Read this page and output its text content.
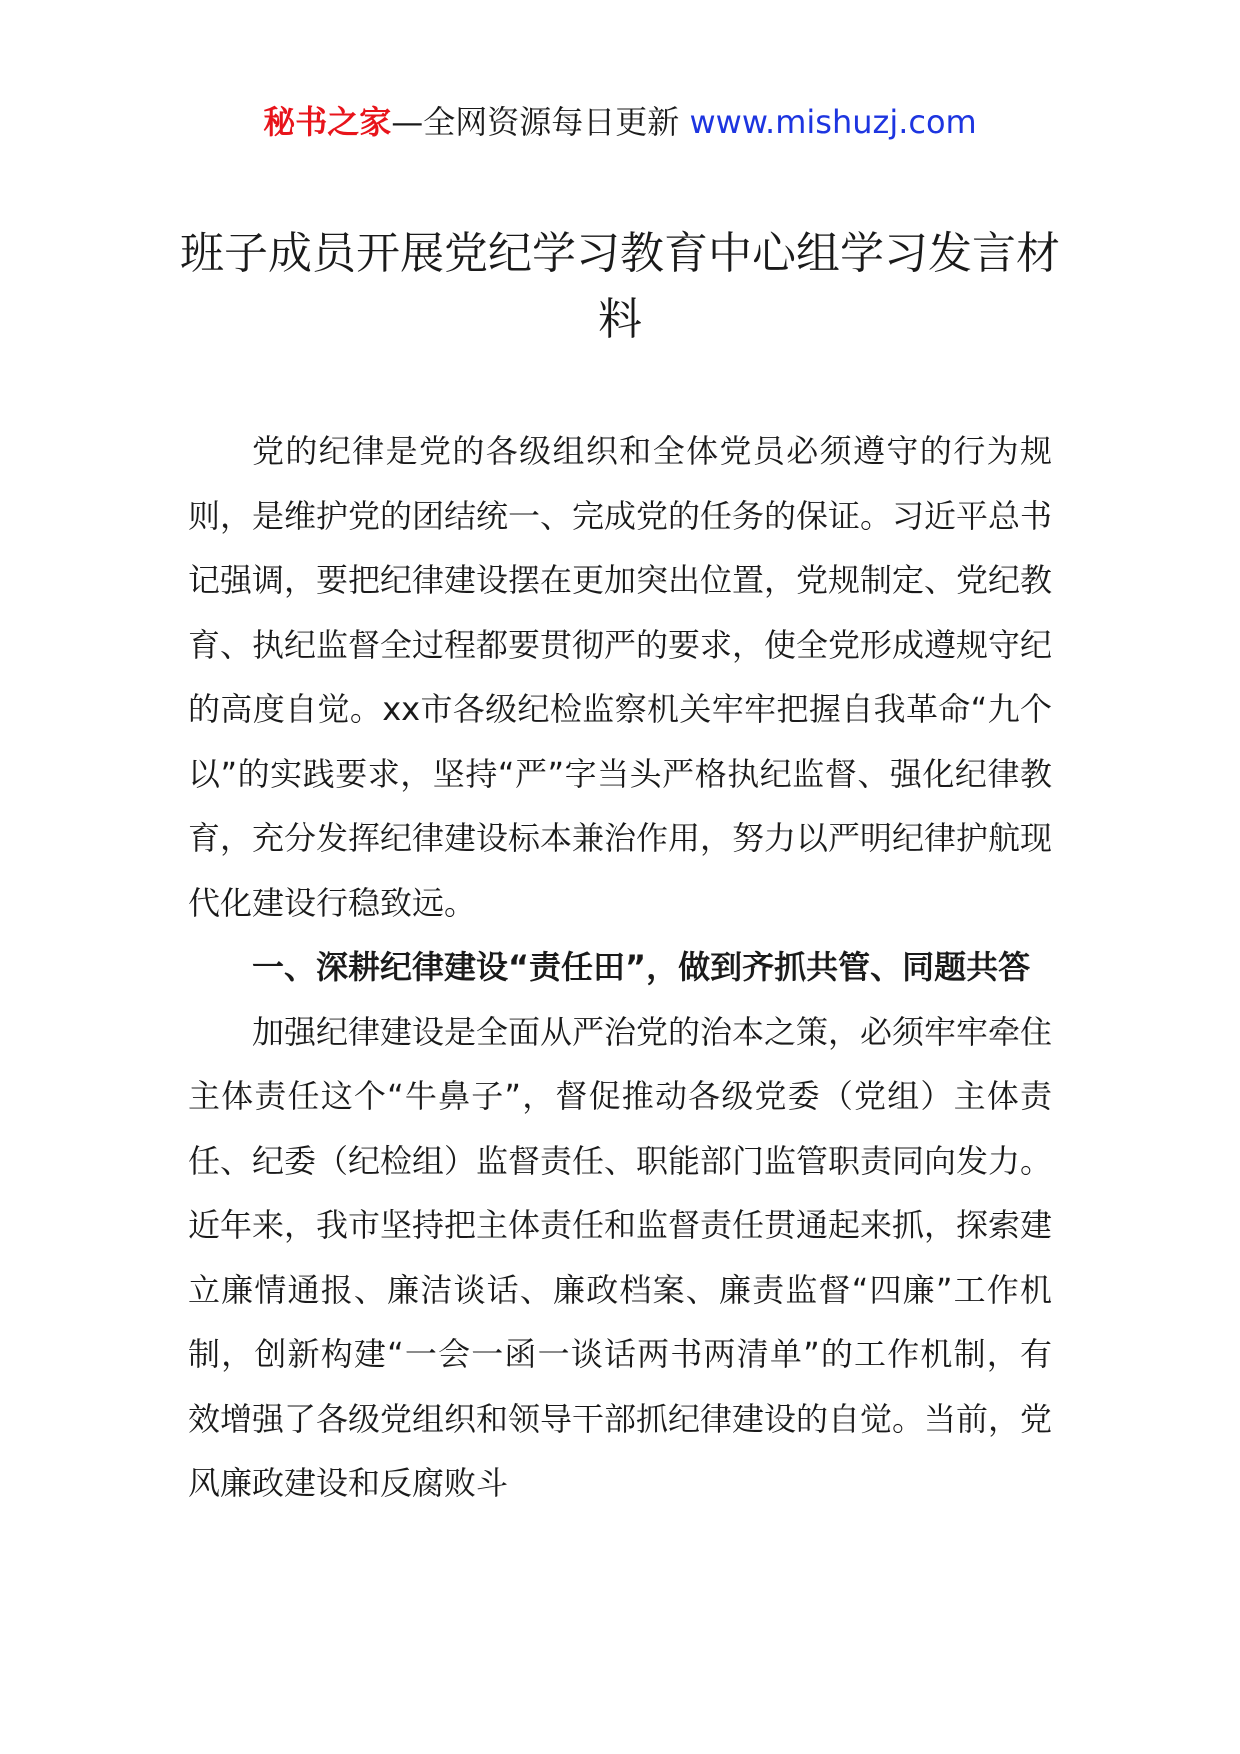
秘书之家—全网资源每日更新 www.mishuzj.com
班子成员开展党纪学习教育中心组学习发言材料

党的纪律是党的各级组织和全体党员必须遵守的行为规则，是维护党的团结统一、完成党的任务的保证。习近平总书记强调，要把纪律建设摆在更加突出位置，党规制定、党纪教育、执纪监督全过程都要贯彻严的要求，使全党形成遵规守纪的高度自觉。xx市各级纪检监察机关牢牢把握自我革命“九个以”的实践要求，坚持“严”字当头严格执纪监督、强化纪律教育，充分发挥纪律建设标本兼治作用，努力以严明纪律护航现代化建设行稳致远。

一、深耕纪律建设“责任田”，做到齐抓共管、同题共答

加强纪律建设是全面从严治党的治本之策，必须牢牢牵住主体责任这个“牛鼻子”，督促推动各级党委（党组）主体责任、纪委（纪检组）监督责任、职能部门监管职责同向发力。近年来，我市坚持把主体责任和监督责任贯通起来抓，探索建立廉情通报、廉洁谈话、廉政档案、廉责监督“四廉”工作机制，创新构建“一会一函一谈话两书两清单”的工作机制，有效增强了各级党组织和领导干部抓纪律建设的自觉。当前，党风廉政建设和反腐败斗
